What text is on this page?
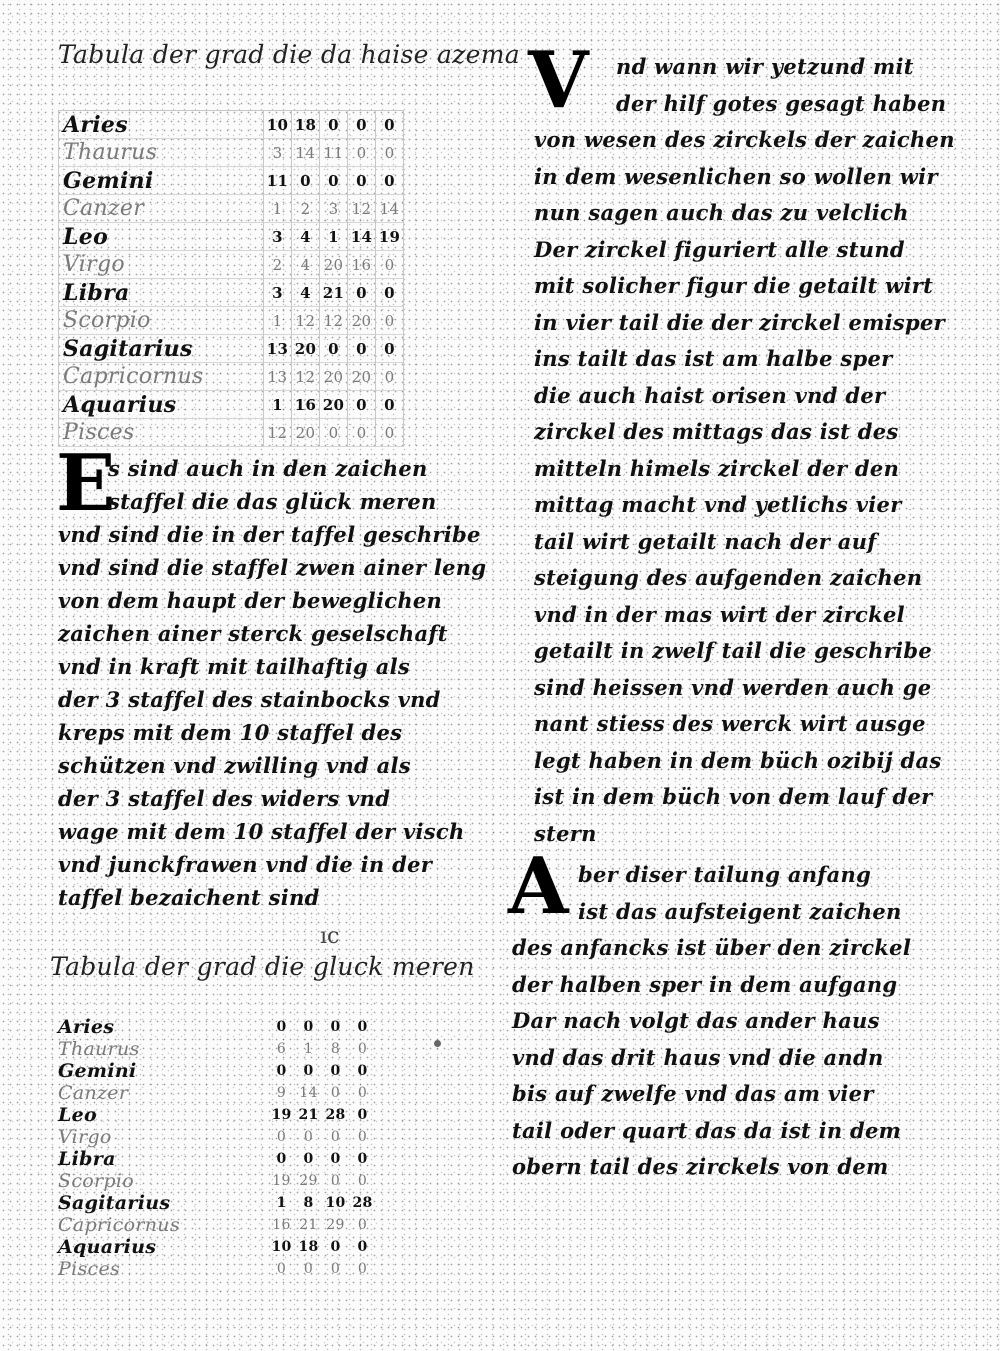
Tabula der grad die da haise azema
Aries	10	18	0	0	0
Thaurus	3	14	11	0	0
Gemini	11	0	0	0	0
Canzer	1	2	3	12	14
Leo	3	4	1	14	19
Virgo	2	4	20	16	0
Libra	3	4	21	0	0
Scorpio	1	12	12	20	0
Sagitarius	13	20	0	0	0
Capricornus	13	12	20	20	0
Aquarius	1	16	20	0	0
Pisces	12	20	0	0	0
E
s sind auch in den zaichen
staffel die das glück meren
vnd sind die in der taffel geschribe
vnd sind die staffel zwen ainer leng
von dem haupt der beweglichen
zaichen ainer sterck geselschaft
vnd in kraft mit tailhaftig als
der 3 staffel des stainbocks vnd
kreps mit dem 10 staffel des
schützen vnd zwilling vnd als
der 3 staffel des widers vnd
wage mit dem 10 staffel der visch
vnd junckfrawen vnd die in der
taffel bezaichent sind
ıc
Tabula der grad die gluck meren
Aries	0	0	0	0
Thaurus	6	1	8	0
Gemini	0	0	0	0
Canzer	9	14	0	0
Leo	19	21	28	0
Virgo	0	0	0	0
Libra	0	0	0	0
Scorpio	19	29	0	0
Sagitarius	1	8	10	28
Capricornus	16	21	29	0
Aquarius	10	18	0	0
Pisces	0	0	0	0
V nd wann wir yetzund mit
der hilf gotes gesagt haben
von wesen des zirckels der zaichen
in dem wesenlichen so wollen wir
nun sagen auch das zu velclich
Der zirckel figuriert alle stund
mit solicher figur die getailt wirt
in vier tail die der zirckel emisper
ins tailt das ist am halbe sper
die auch haist orisen vnd der
zirckel des mittags das ist des
mitteln himels zirckel der den
mittag macht vnd yetlichs vier
tail wirt getailt nach der auf
steigung des aufgenden zaichen
vnd in der mas wirt der zirckel
getailt in zwelf tail die geschribe
sind heissen vnd werden auch ge
nant stiess des werck wirt ausge
legt haben in dem büch ozibij das
ist in dem büch von dem lauf der
stern
A ber diser tailung anfang
ist das aufsteigent zaichen
des anfancks ist über den zirckel
der halben sper in dem aufgang
Dar nach volgt das ander haus
vnd das drit haus vnd die andn
bis auf zwelfe vnd das am vier
tail oder quart das da ist in dem
obern tail des zirckels von dem
